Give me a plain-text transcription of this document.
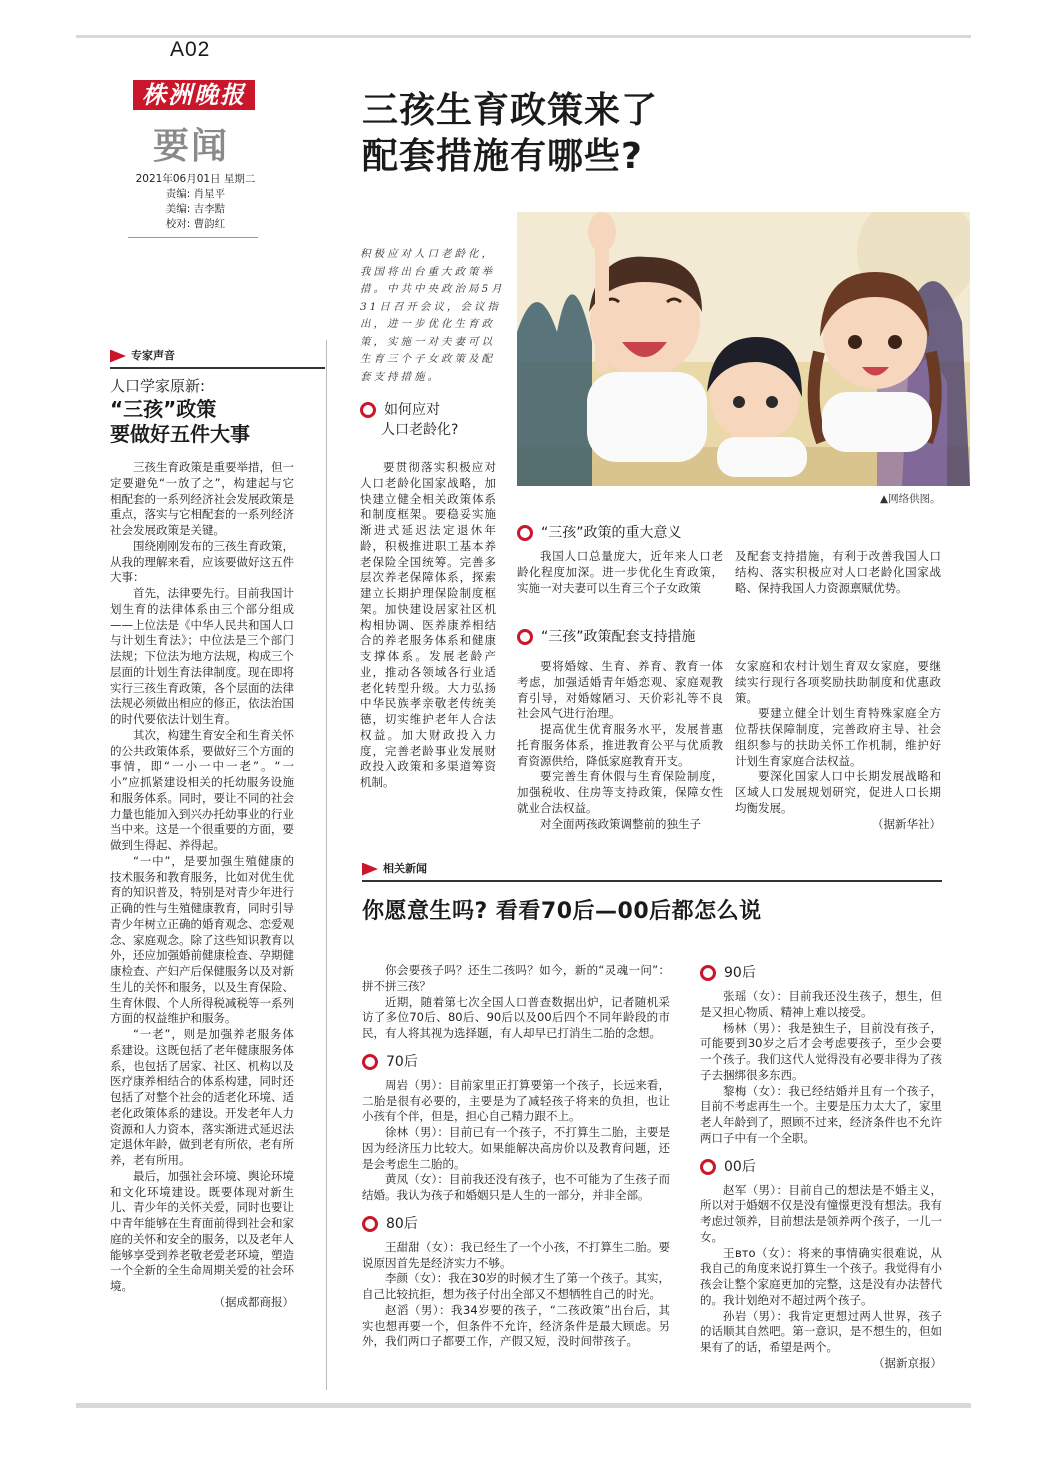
A02
株洲晚报
要闻
2021年06月01日 星期二
责编: 肖星平
美编: 吉李黠
校对: 曹韵红
三孩生育政策来了
配套措施有哪些?
积极应对人口老龄化，我国将出台重大政策举措。中共中央政治局5月31日召开会议，会议指出，进一步优化生育政策，实施一对夫妻可以生育三个子女政策及配套支持措施。
▲网络供图。
专家声音
人口学家原新:
“三孩”政策
要做好五件大事

三孩生育政策是重要举措，但一定要避免“一放了之”，构建起与它相配套的一系列经济社会发展政策是重点，落实与它相配套的一系列经济社会发展政策是关键。

围绕刚刚发布的三孩生育政策，从我的理解来看，应该要做好这五件大事：

首先，法律要先行。目前我国计划生育的法律体系由三个部分组成——上位法是《中华人民共和国人口与计划生育法》；中位法是三个部门法规；下位法为地方法规，构成三个层面的计划生育法律制度。现在即将实行三孩生育政策，各个层面的法律法规必须做出相应的修正，依法治国的时代要依法计划生育。

其次，构建生育安全和生育关怀的公共政策体系，要做好三个方面的事情，即“一小一中一老”。“一小”应抓紧建设相关的托幼服务设施和服务体系。同时，要让不同的社会力量也能加入到兴办托幼事业的行业当中来。这是一个很重要的方面，要做到生得起、养得起。

“一中”，是要加强生殖健康的技术服务和教育服务，比如对优生优育的知识普及，特别是对青少年进行正确的性与生殖健康教育，同时引导青少年树立正确的婚育观念、恋爱观念、家庭观念。除了这些知识教育以外，还应加强婚前健康检查、孕期健康检查、产妇产后保健服务以及对新生儿的关怀和服务，以及生育保险、生育休假、个人所得税减税等一系列方面的权益维护和服务。

“一老”，则是加强养老服务体系建设。这既包括了老年健康服务体系，也包括了居家、社区、机构以及医疗康养相结合的体系构建，同时还包括了对整个社会的适老化环境、适老化政策体系的建设。开发老年人力资源和人力资本，落实渐进式延迟法定退休年龄，做到老有所依，老有所养，老有所用。

最后，加强社会环境、舆论环境和文化环境建设。既要体现对新生儿、青少年的关怀关爱，同时也要让中青年能够在生育面前得到社会和家庭的关怀和安全的服务，以及老年人能够享受到养老敬老爱老环境，塑造一个全新的全生命周期关爱的社会环境。

（据成都商报）
如何应对
人口老龄化?

要贯彻落实积极应对人口老龄化国家战略，加快建立健全相关政策体系和制度框架。要稳妥实施渐进式延迟法定退休年龄，积极推进职工基本养老保险全国统筹。完善多层次养老保障体系，探索建立长期护理保险制度框架。加快建设居家社区机构相协调、医养康养相结合的养老服务体系和健康支撑体系。发展老龄产业，推动各领域各行业适老化转型升级。大力弘扬中华民族孝亲敬老传统美德，切实维护老年人合法权益。加大财政投入力度，完善老龄事业发展财政投入政策和多渠道筹资机制。

“三孩”政策的重大意义

我国人口总量庞大，近年来人口老龄化程度加深。进一步优化生育政策，实施一对夫妻可以生育三个子女政策

及配套支持措施，有利于改善我国人口结构、落实积极应对人口老龄化国家战略、保持我国人力资源禀赋优势。

“三孩”政策配套支持措施

要将婚嫁、生育、养育、教育一体考虑，加强适婚青年婚恋观、家庭观教育引导，对婚嫁陋习、天价彩礼等不良社会风气进行治理。

提高优生优育服务水平，发展普惠托育服务体系，推进教育公平与优质教育资源供给，降低家庭教育开支。

要完善生育休假与生育保险制度，加强税收、住房等支持政策，保障女性就业合法权益。

对全面两孩政策调整前的独生子

女家庭和农村计划生育双女家庭，要继续实行现行各项奖励扶助制度和优惠政策。

要建立健全计划生育特殊家庭全方位帮扶保障制度，完善政府主导、社会组织参与的扶助关怀工作机制，维护好计划生育家庭合法权益。

要深化国家人口中长期发展战略和区域人口发展规划研究，促进人口长期均衡发展。

（据新华社）
相关新闻
你愿意生吗? 看看70后—00后都怎么说

你会要孩子吗？还生二孩吗？如今，新的“灵魂一问”：拼不拼三孩？

近期，随着第七次全国人口普查数据出炉，记者随机采访了多位70后、80后、90后以及00后四个不同年龄段的市民，有人将其视为选择题，有人却早已打消生二胎的念想。

70后

周岩（男）：目前家里正打算要第一个孩子，长远来看，二胎是很有必要的，主要是为了减轻孩子将来的负担，也让小孩有个伴，但是，担心自己精力跟不上。

徐林（男）：目前已有一个孩子，不打算生二胎，主要是因为经济压力比较大。如果能解决高房价以及教育问题，还是会考虑生二胎的。

黄凤（女）：目前我还没有孩子，也不可能为了生孩子而结婚。我认为孩子和婚姻只是人生的一部分，并非全部。

80后

王甜甜（女）：我已经生了一个小孩，不打算生二胎。要说原因首先是经济实力不够。

李颜（女）：我在30岁的时候才生了第一个孩子。其实，自己比较抗拒，想为孩子付出全部又不想牺牲自己的时光。

赵滔（男）：我34岁要的孩子，“二孩政策”出台后，其实也想再要一个，但条件不允许，经济条件是最大顾虑。另外，我们两口子都要工作，产假又短，没时间带孩子。

90后

张瑶（女）：目前我还没生孩子，想生，但是又担心物质、精神上难以接受。

杨林（男）：我是独生子，目前没有孩子，可能要到30岁之后才会考虑要孩子，至少会要一个孩子。我们这代人觉得没有必要非得为了孩子去捆绑很多东西。

黎梅（女）：我已经结婚并且有一个孩子，目前不考虑再生一个。主要是压力太大了，家里老人年龄到了，照顾不过来，经济条件也不允许两口子中有一个全职。

00后

赵军（男）：目前自己的想法是不婚主义，所以对于婚姻不仅是没有憧憬更没有想法。我有考虑过领养，目前想法是领养两个孩子，一儿一女。

王вто（女）：将来的事情确实很难说，从我自己的角度来说打算生一个孩子。我觉得有小孩会让整个家庭更加的完整，这是没有办法替代的。我计划绝对不超过两个孩子。

孙岩（男）：我肯定更想过两人世界，孩子的话顺其自然吧。第一意识，是不想生的，但如果有了的话，希望是两个。

（据新京报）
